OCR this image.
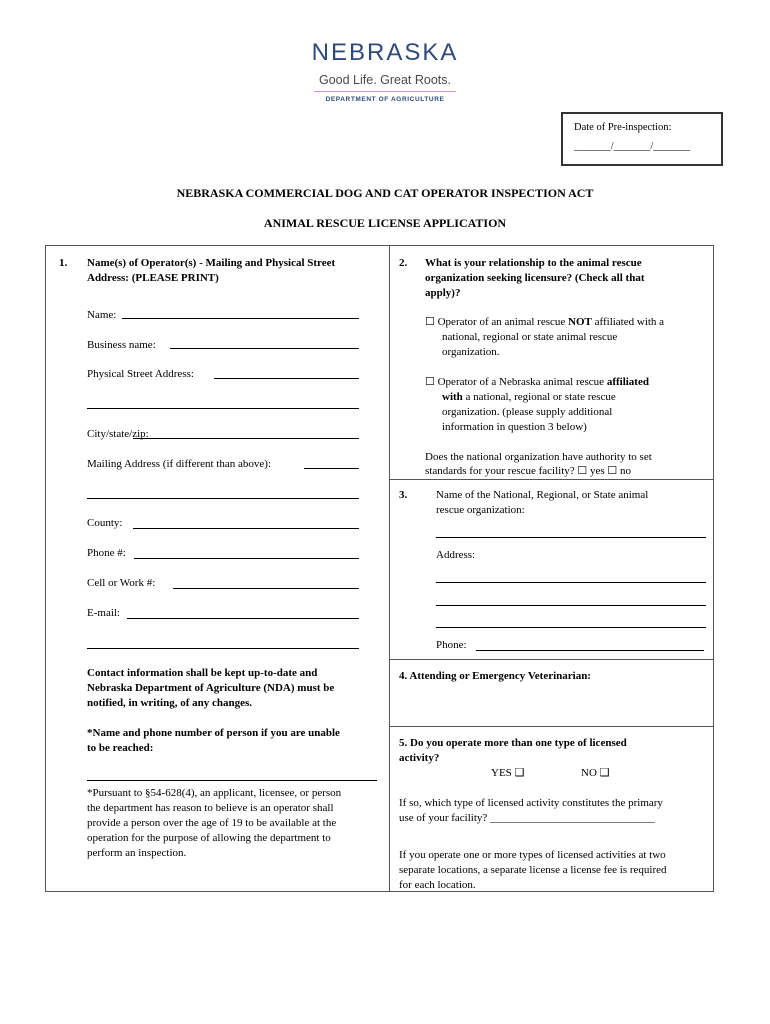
NEBRASKA
Good Life. Great Roots.
DEPARTMENT OF AGRICULTURE
Date of Pre-inspection:
_______/_______/_______
NEBRASKA COMMERCIAL DOG AND CAT OPERATOR INSPECTION ACT
ANIMAL RESCUE LICENSE APPLICATION
1. Name(s) of Operator(s) - Mailing and Physical Street
Address: (PLEASE PRINT)
Name:
Business name:
Physical Street Address:
City/state/zip:
Mailing Address (if different than above):
County:
Phone #:
Cell or Work #:
E-mail:
Contact information shall be kept up-to-date and
Nebraska Department of Agriculture (NDA) must be
notified, in writing, of any changes.
*Name and phone number of person if you are unable
to be reached:
*Pursuant to §54-628(4), an applicant, licensee, or person
the department has reason to believe is an operator shall
provide a person over the age of 19 to be available at the
operation for the purpose of allowing the department to
perform an inspection.
2. What is your relationship to the animal rescue
organization seeking licensure? (Check all that
apply)?
☐ Operator of an animal rescue NOT affiliated with a
national, regional or state animal rescue
organization.
☐ Operator of a Nebraska animal rescue affiliated
with a national, regional or state rescue
organization. (please supply additional
information in question 3 below)
Does the national organization have authority to set
standards for your rescue facility? ☐ yes ☐ no
3.	Name of the National, Regional, or State animal
rescue organization:
Address:
Phone:
4. Attending or Emergency Veterinarian:
5. Do you operate more than one type of licensed
activity?
YES ❑	NO ❑
If so, which type of licensed activity constitutes the primary
use of your facility? ______________________________
If you operate one or more types of licensed activities at two
separate locations, a separate license a license fee is required
for each location.
